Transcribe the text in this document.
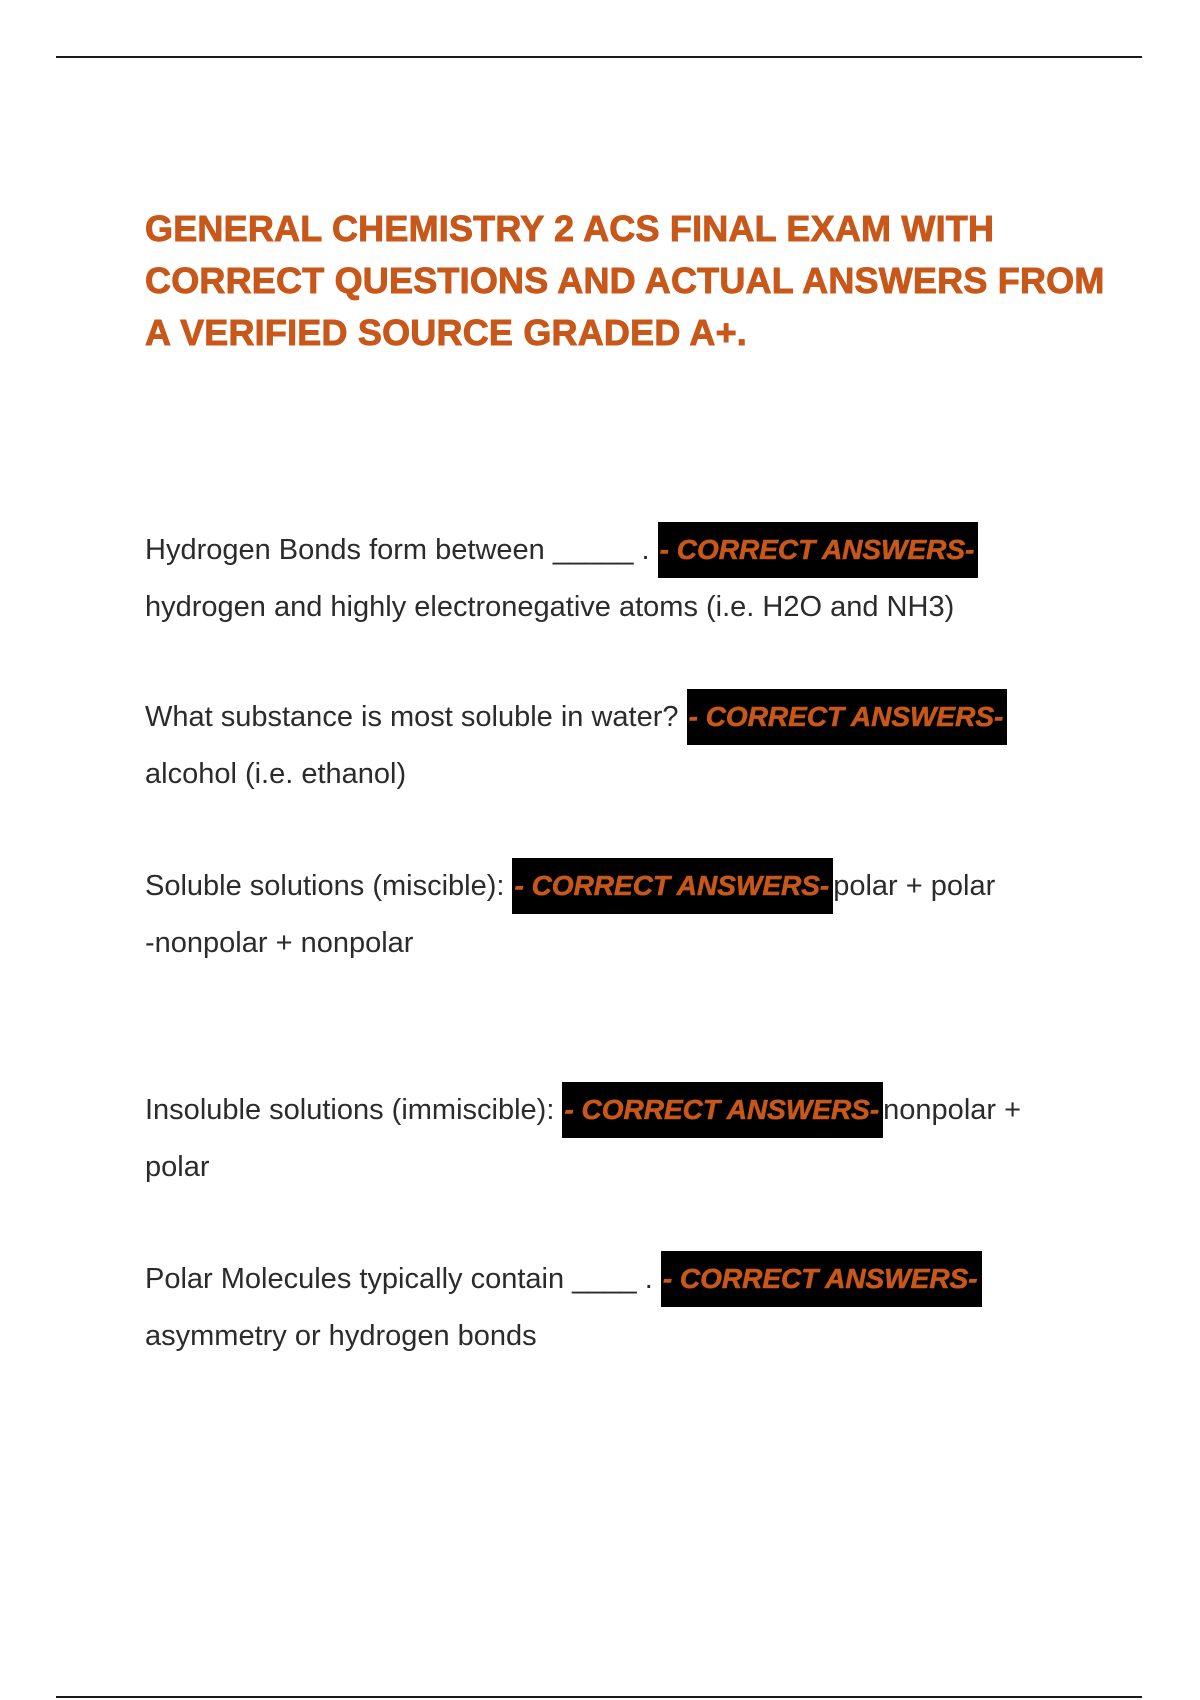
GENERAL CHEMISTRY 2 ACS FINAL EXAM WITH CORRECT QUESTIONS AND ACTUAL ANSWERS FROM A VERIFIED SOURCE GRADED A+.
Hydrogen Bonds form between _____ . - CORRECT ANSWERS-hydrogen and highly electronegative atoms (i.e. H2O and NH3)
What substance is most soluble in water? - CORRECT ANSWERS-alcohol (i.e. ethanol)
Soluble solutions (miscible): - CORRECT ANSWERS- polar + polar
-nonpolar + nonpolar
Insoluble solutions (immiscible): - CORRECT ANSWERS- nonpolar + polar
Polar Molecules typically contain ____ . - CORRECT ANSWERS-asymmetry or hydrogen bonds
